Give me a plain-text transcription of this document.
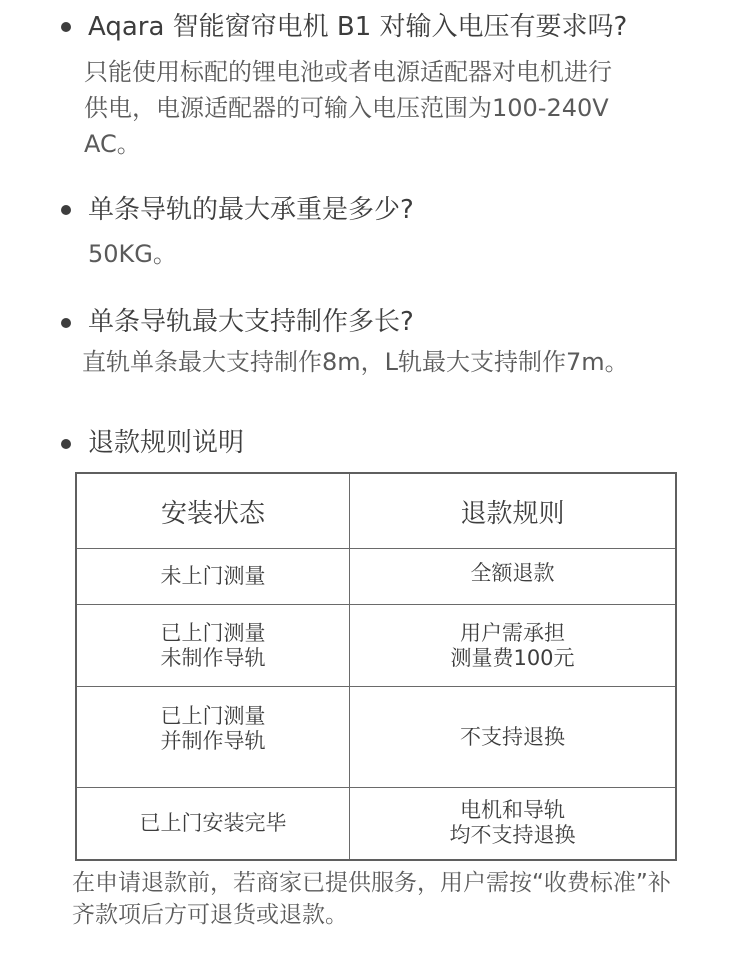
Aqara 智能窗帘电机 B1 对输入电压有要求吗?
只能使用标配的锂电池或者电源适配器对电机进行
供电，电源适配器的可输入电压范围为100-240V
AC。
单条导轨的最大承重是多少?
50KG。
单条导轨最大支持制作多长?
直轨单条最大支持制作8m，L轨最大支持制作7m。
退款规则说明
安装状态	退款规则

未上门测量	全额退款

已上门测量
未制作导轨	用户需承担
测量费100元

已上门测量
并制作导轨	不支持退换

已上门安装完毕	电机和导轨
均不支持退换
在申请退款前，若商家已提供服务，用户需按“收费标准”补齐款项后方可退货或退款。
